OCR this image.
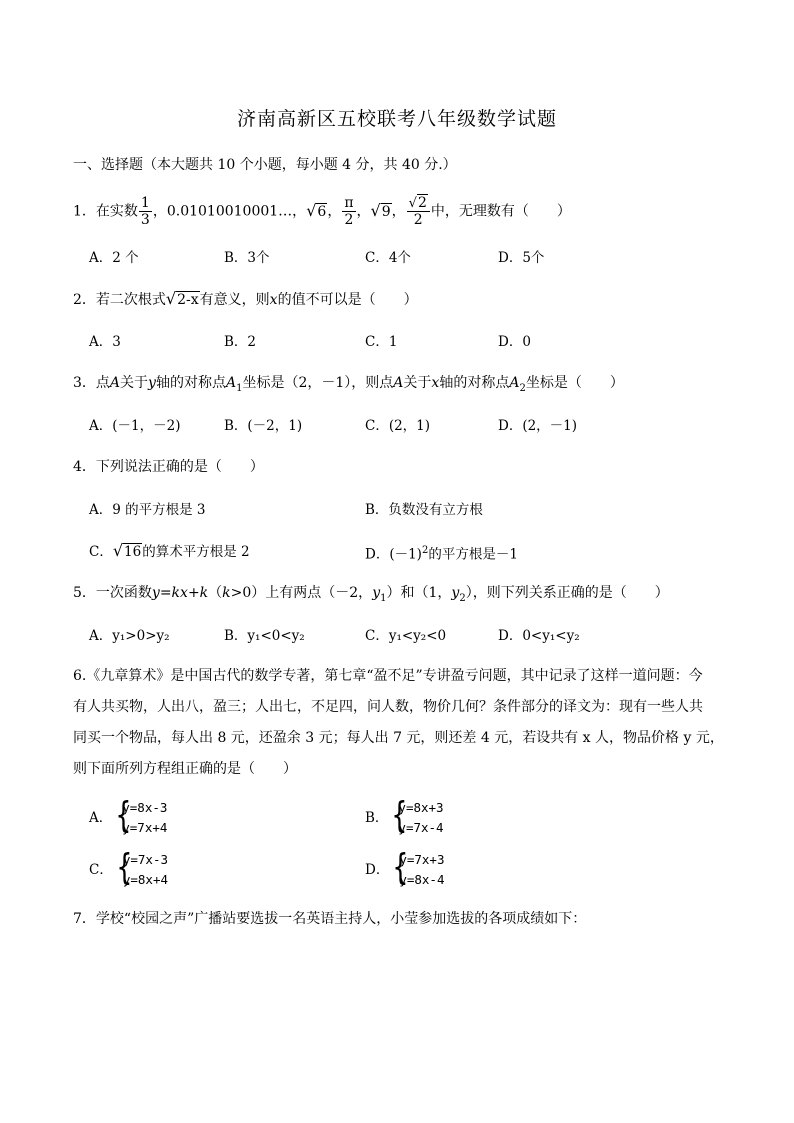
济南高新区五校联考八年级数学试题
一、选择题（本大题共 10 个小题，每小题 4 分，共 40 分.）
1．在实数 $\frac{1}{3}$ ，0.01010010001…，√6， $\frac{\pi}{2}$ ，√9， $\frac{√2}{2}$ 中，无理数有（　　）
A．2 个	B．3个	C．4个	D．5个
2．若二次根式√2-x有意义，则x的值不可以是（　　）
A．3	B．2	C．1	D．0
3．点A关于y轴的对称点$A_1$坐标是（2，－1），则点A关于x轴的对称点$A_2$坐标是（　　）
A．(－1，－2)	B．(－2，1)	C．(2，1)	D．(2，－1)
4．下列说法正确的是（　　）
A．9 的平方根是 3	B．负数没有立方根
C．√16的算术平方根是 2	D．$(-1)^2$的平方根是－1
5．一次函数y=kx+k（k>0）上有两点（－2，$y_1$）和（1，$y_2$），则下列关系正确的是（　　）
A．y₁>0>y₂	B．y₁<0<y₂	C．y₁<y₂<0	D．0<y₁<y₂
6.《九章算术》是中国古代的数学专著，第七章“盈不足”专讲盈亏问题，其中记录了这样一道问题：今
有人共买物，人出八，盈三；人出七，不足四，问人数，物价几何？条件部分的译文为：现有一些人共
同买一个物品，每人出 8 元，还盈余 3 元；每人出 7 元，则还差 4 元，若设共有 x 人，物品价格 y 元，
则下面所列方程组正确的是（　　）
A． {
y=8x-3
y=7x+4
B． {
y=8x+3
y=7x-4
C． {
y=7x-3
y=8x+4
D． {
y=7x+3
y=8x-4
7．学校“校园之声”广播站要选拔一名英语主持人，小莹参加选拔的各项成绩如下：
